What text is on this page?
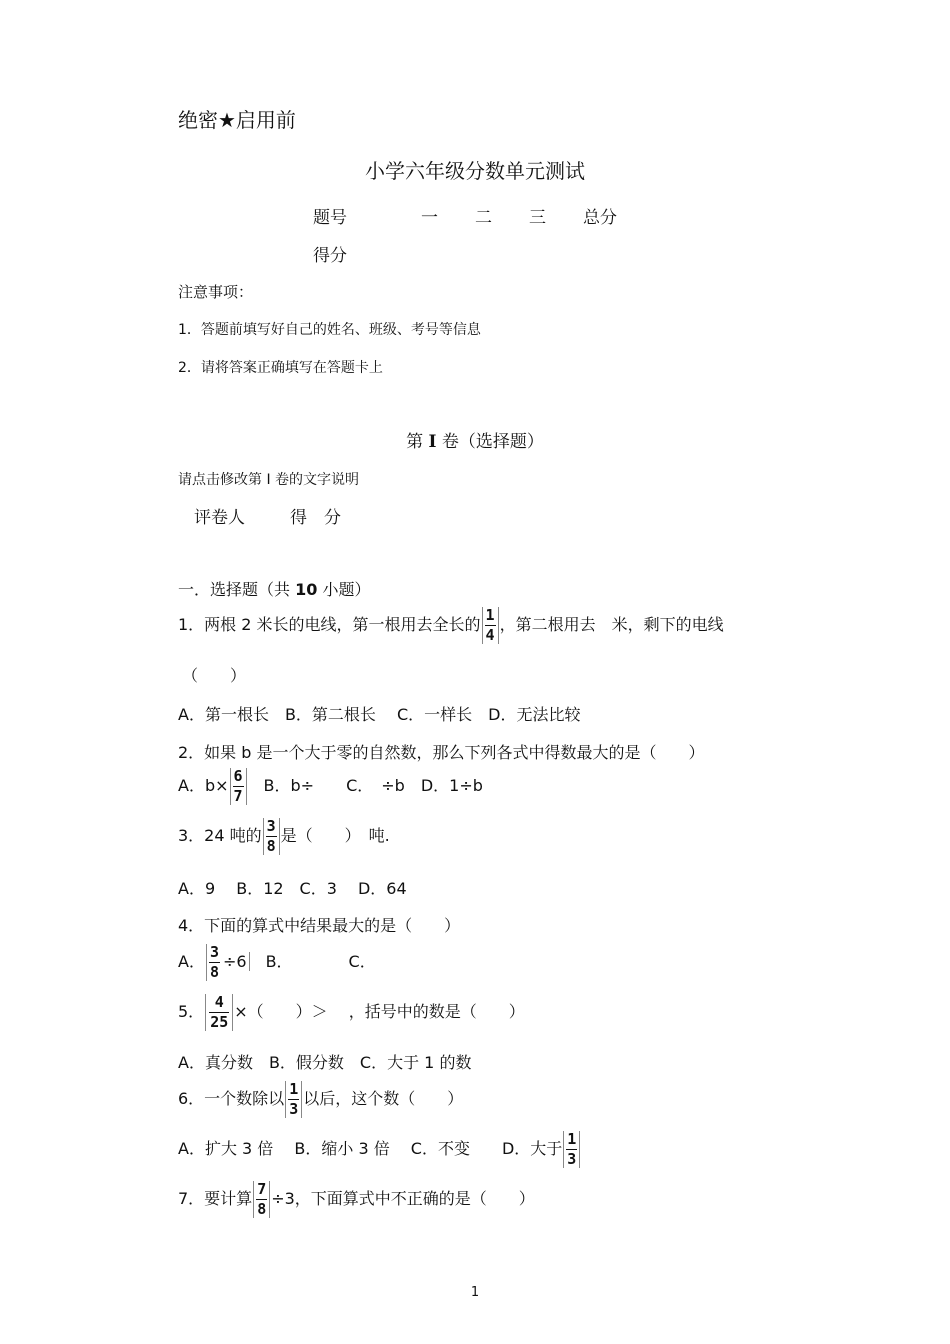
绝密★启用前
小学六年级分数单元测试
题号	一 二 三 总分
得分
注意事项：
1．答题前填写好自己的姓名、班级、考号等信息
2．请将答案正确填写在答题卡上
第 I 卷（选择题）
请点击修改第 I 卷的文字说明
评卷人	得　分
一．选择题（共 10 小题）
1．两根 2 米长的电线，第一根用去全长的 $\frac{1}{4}$ ，第二根用去　米，剩下的电线
（　　）
A．第一根长　B．第二根长　 C．一样长　D．无法比较
2．如果 b 是一个大于零的自然数，那么下列各式中得数最大的是（　　）
A．$b\times \frac{6}{7}$ 　B．b÷　　C．　÷b　D．1÷b
3．24 吨的 $\frac{3}{8}$ 是（　　）　吨.
A．9　 B．12　C．3　 D．64
4．下面的算式中结果最大的是（　　）
A． $\frac{3}{8} \div 6$　B．　　　　C．
5． $\frac{4}{25}$ ×（　　）＞　 ，括号中的数是（　　）
A．真分数　B．假分数　C．大于 1 的数
6．一个数除以 $\frac{1}{3}$ 以后，这个数（　　）
A．扩大 3 倍　 B．缩小 3 倍　 C．不变　　D．大于 $\frac{1}{3}$
7．要计算 $\frac{7}{8} \div 3$，下面算式中不正确的是（　　）
1
